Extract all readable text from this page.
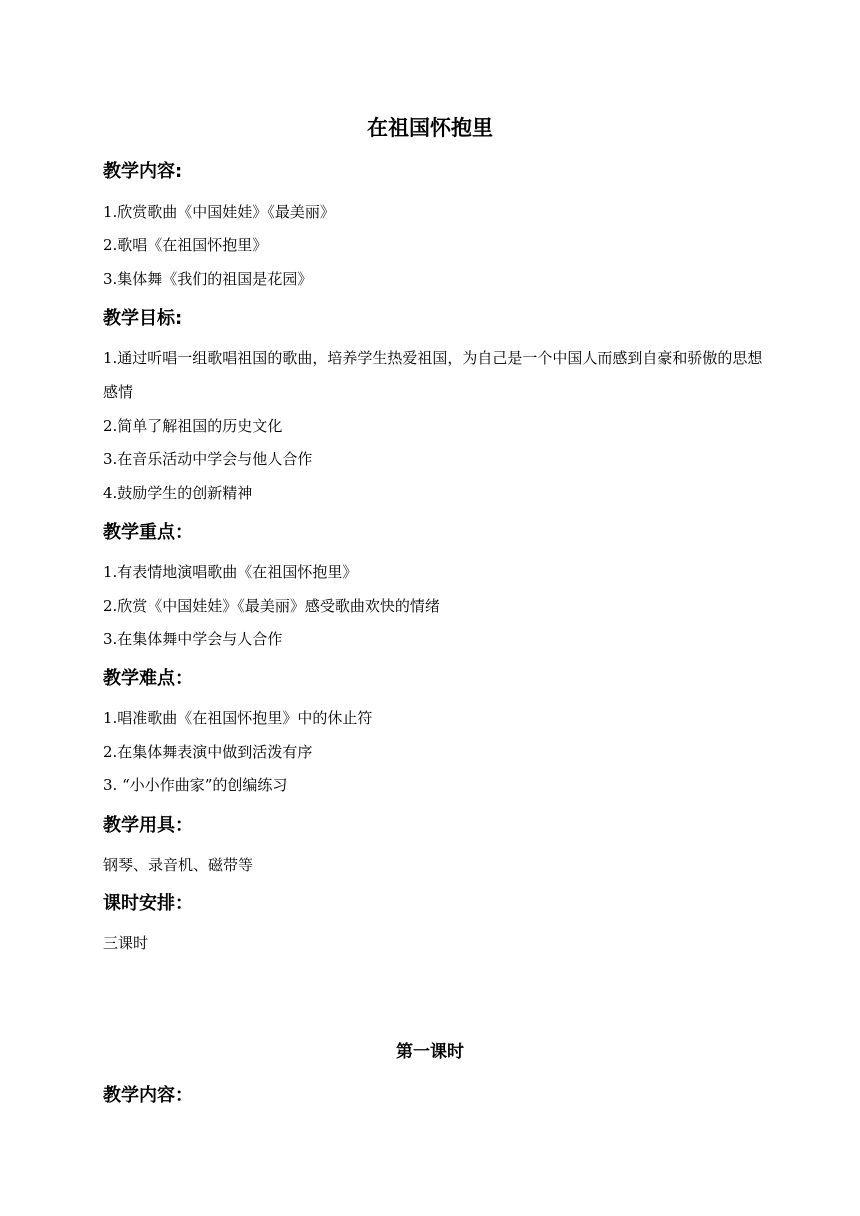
在祖国怀抱里
教学内容:
1.欣赏歌曲《中国娃娃》《最美丽》
2.歌唱《在祖国怀抱里》
3.集体舞《我们的祖国是花园》
教学目标:
1.通过听唱一组歌唱祖国的歌曲，培养学生热爱祖国，为自己是一个中国人而感到自豪和骄傲的思想感情
2.简单了解祖国的历史文化
3.在音乐活动中学会与他人合作
4.鼓励学生的创新精神
教学重点：
1.有表情地演唱歌曲《在祖国怀抱里》
2.欣赏《中国娃娃》《最美丽》感受歌曲欢快的情绪
3.在集体舞中学会与人合作
教学难点：
1.唱准歌曲《在祖国怀抱里》中的休止符
2.在集体舞表演中做到活泼有序
3. “小小作曲家”的创编练习
教学用具：
钢琴、录音机、磁带等
课时安排：
三课时
第一课时
教学内容：
